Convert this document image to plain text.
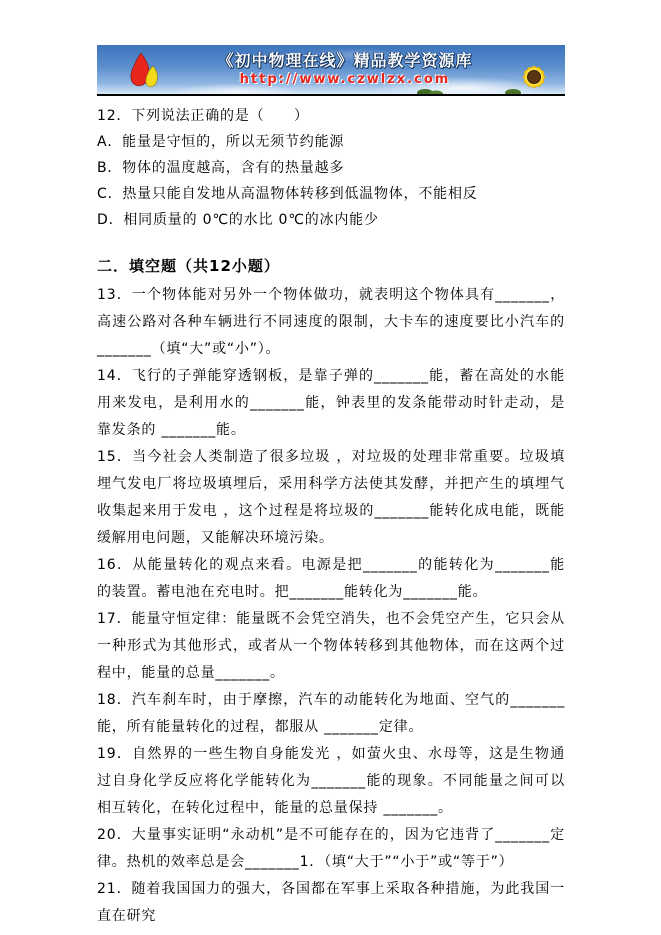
《初中物理在线》精品教学资源库
http://www.czwlzx.com

12．下列说法正确的是（　　）

A．能量是守恒的，所以无须节约能源

B．物体的温度越高，含有的热量越多

C．热量只能自发地从高温物体转移到低温物体，不能相反

D．相同质量的 0℃的水比 0℃的冰内能少

二．填空题（共12小题）

13．一个物体能对另外一个物体做功，就表明这个物体具有_______，高速公路对各种车辆进行不同速度的限制，大卡车的速度要比小汽车的_______（填“大”或“小”）。

14．飞行的子弹能穿透钢板，是靠子弹的_______能，蓄在高处的水能用来发电，是利用水的_______能，钟表里的发条能带动时针走动，是靠发条的 _______能。

15．当今社会人类制造了很多垃圾 ，对垃圾的处理非常重要。垃圾填埋气发电厂将垃圾填埋后，采用科学方法使其发酵，并把产生的填埋气收集起来用于发电 ，这个过程是将垃圾的_______能转化成电能，既能缓解用电问题，又能解决环境污染。

16．从能量转化的观点来看。电源是把_______的能转化为_______能的装置。蓄电池在充电时。把_______能转化为_______能。

17．能量守恒定律：能量既不会凭空消失，也不会凭空产生，它只会从一种形式为其他形式，或者从一个物体转移到其他物体，而在这两个过程中，能量的总量_______。

18．汽车刹车时，由于摩擦，汽车的动能转化为地面、空气的_______能，所有能量转化的过程，都服从 _______定律。

19．自然界的一些生物自身能发光 ，如萤火虫、水母等，这是生物通过自身化学反应将化学能转化为_______能的现象。不同能量之间可以相互转化，在转化过程中，能量的总量保持 _______。

20．大量事实证明“永动机”是不可能存在的，因为它违背了_______定律。热机的效率总是会_______1．（填“大于”“小于”或“等于”）

21．随着我国国力的强大，各国都在军事上采取各种措施，为此我国一直在研究
